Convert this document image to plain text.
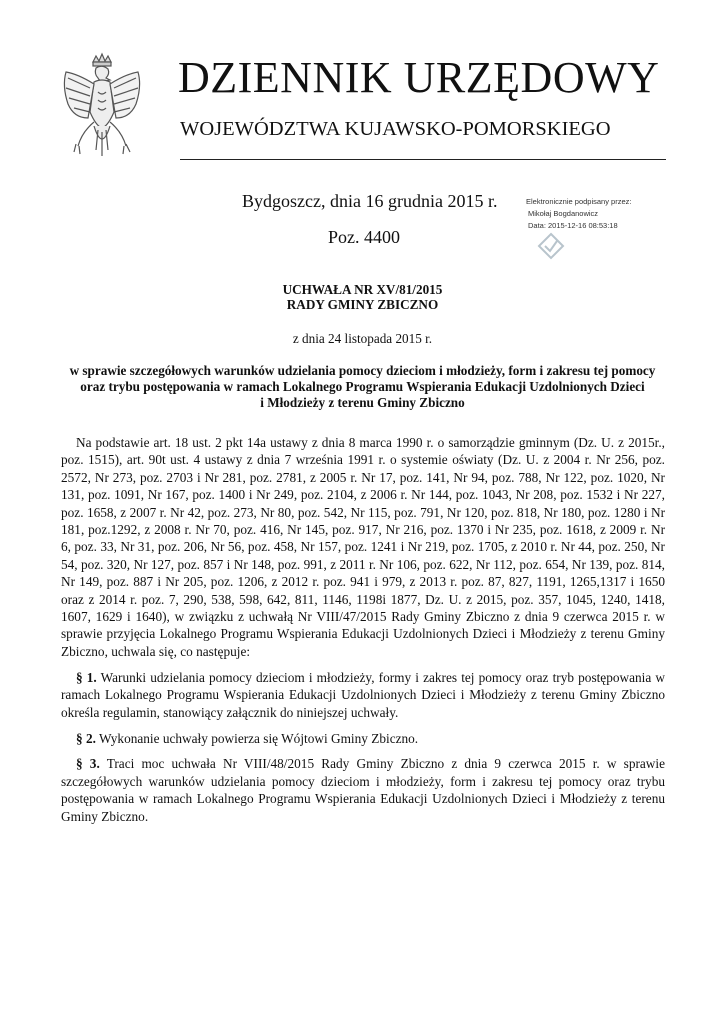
DZIENNIK URZĘDOWY
WOJEWÓDZTWA KUJAWSKO-POMORSKIEGO
Bydgoszcz, dnia 16 grudnia 2015 r.
Poz. 4400
Elektronicznie podpisany przez:
Mikołaj Bogdanowicz
Data: 2015-12-16 08:53:18
UCHWAŁA NR XV/81/2015
RADY GMINY ZBICZNO
z dnia 24 listopada 2015 r.
w sprawie szczegółowych warunków udzielania pomocy dzieciom i młodzieży, form i zakresu tej pomocy
oraz trybu postępowania w ramach Lokalnego Programu Wspierania Edukacji Uzdolnionych Dzieci
i Młodzieży z terenu Gminy Zbiczno

Na podstawie art. 18 ust. 2 pkt 14a ustawy z dnia 8 marca 1990 r. o samorządzie gminnym (Dz. U. z 2015r., poz. 1515), art. 90t ust. 4 ustawy z dnia 7 września 1991 r. o systemie oświaty (Dz. U. z 2004 r. Nr 256, poz. 2572, Nr 273, poz. 2703 i Nr 281, poz. 2781, z 2005 r. Nr 17, poz. 141, Nr 94, poz. 788, Nr 122, poz. 1020, Nr 131, poz. 1091, Nr 167, poz. 1400 i Nr 249, poz. 2104, z 2006 r. Nr 144, poz. 1043, Nr 208, poz. 1532 i Nr 227, poz. 1658, z 2007 r. Nr 42, poz. 273, Nr 80, poz. 542, Nr 115, poz. 791, Nr 120, poz. 818, Nr 180, poz. 1280 i Nr 181, poz.1292, z 2008 r. Nr 70, poz. 416, Nr 145, poz. 917, Nr 216, poz. 1370 i Nr 235, poz. 1618, z 2009 r. Nr 6, poz. 33, Nr 31, poz. 206, Nr 56, poz. 458, Nr 157, poz. 1241 i Nr 219, poz. 1705, z 2010 r. Nr 44, poz. 250, Nr 54, poz. 320, Nr 127, poz. 857 i Nr 148, poz. 991, z 2011 r. Nr 106, poz. 622, Nr 112, poz. 654, Nr 139, poz. 814, Nr 149, poz. 887 i Nr 205, poz. 1206, z 2012 r. poz. 941 i 979, z 2013 r. poz. 87, 827, 1191, 1265,1317 i 1650 oraz z 2014 r. poz. 7, 290, 538, 598, 642, 811, 1146, 1198i 1877, Dz. U. z 2015, poz. 357, 1045, 1240, 1418, 1607, 1629 i 1640), w związku z uchwałą Nr VIII/47/2015 Rady Gminy Zbiczno z dnia 9 czerwca 2015 r. w sprawie przyjęcia Lokalnego Programu Wspierania Edukacji Uzdolnionych Dzieci i Młodzieży z terenu Gminy Zbiczno, uchwala się, co następuje:

§ 1. Warunki udzielania pomocy dzieciom i młodzieży, formy i zakres tej pomocy oraz tryb postępowania w ramach Lokalnego Programu Wspierania Edukacji Uzdolnionych Dzieci i Młodzieży z terenu Gminy Zbiczno określa regulamin, stanowiący załącznik do niniejszej uchwały.

§ 2. Wykonanie uchwały powierza się Wójtowi Gminy Zbiczno.

§ 3. Traci moc uchwała Nr VIII/48/2015 Rady Gminy Zbiczno z dnia 9 czerwca 2015 r. w sprawie szczegółowych warunków udzielania pomocy dzieciom i młodzieży, form i zakresu tej pomocy oraz trybu postępowania w ramach Lokalnego Programu Wspierania Edukacji Uzdolnionych Dzieci i Młodzieży z terenu Gminy Zbiczno.
